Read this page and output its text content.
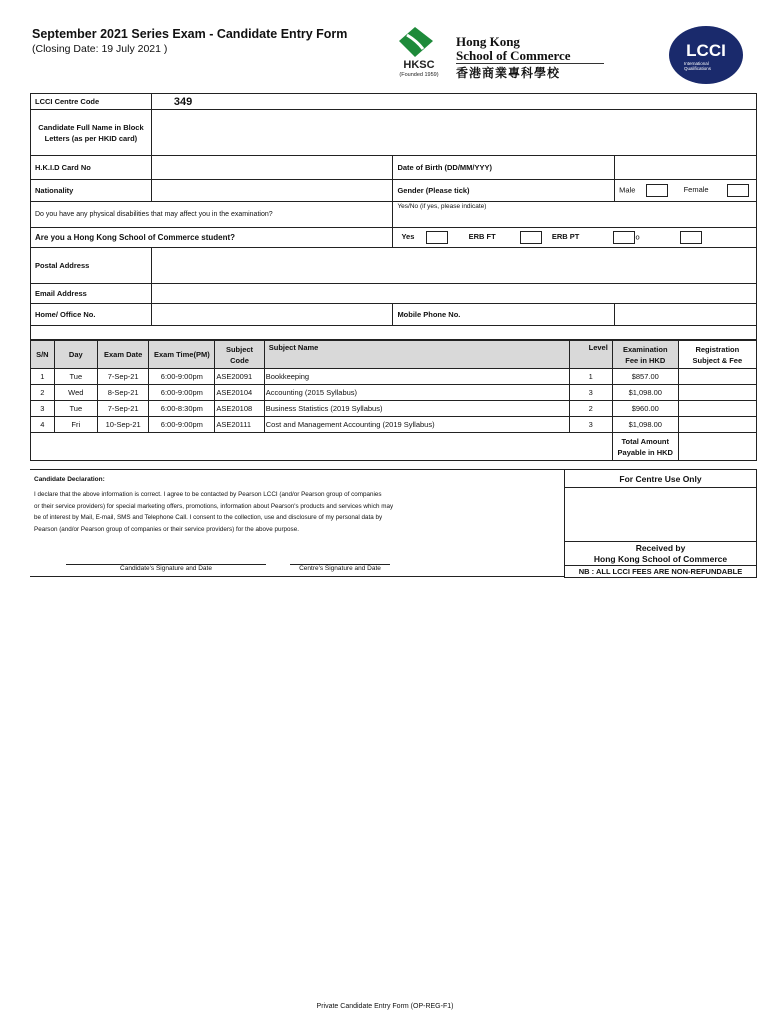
September 2021 Series Exam - Candidate Entry Form
(Closing Date: 19 July 2021 )
HKSC
(Founded 1959)
Hong Kong
School of Commerce
香港商業專科學校
LCCI
International
Qualifications
LCCI Centre Code	349		
Candidate Full Name in Block Letters (as per HKID card)			
H.K.I.D Card No		Date of Birth (DD/MM/YYY)	
Nationality		Gender (Please tick)	Male Female
Do you have any physical disabilities that may affect you in the examination?		Yes/No (if yes, please indicate)	
Are you a Hong Kong School of Commerce student?		Yes ERB FT ERB PT o	
Postal Address			
Email Address			
Home/ Office No.		Mobile Phone No.	

S/N	Day	Exam Date	Exam Time(PM)	Subject Code	Subject Name	Level	Examination Fee in HKD	Registration Subject & Fee
1	Tue	7-Sep-21	6:00-9:00pm	ASE20091	Bookkeeping	1	$857.00	
2	Wed	8-Sep-21	6:00-9:00pm	ASE20104	Accounting (2015 Syllabus)	3	$1,098.00	
3	Tue	7-Sep-21	6:00-8:30pm	ASE20108	Business Statistics (2019 Syllabus)	2	$960.00	
4	Fri	10-Sep-21	6:00-9:00pm	ASE20111	Cost and Management Accounting (2019 Syllabus)	3	$1,098.00	
							Total Amount Payable in HKD	
Candidate Declaration:
I declare that the above information is correct. I agree to be contacted by Pearson LCCI (and/or Pearson group of companies
or their service providers) for special marketing offers, promotions, information about Pearson's products and services which may
be of interest by Mail, E-mail, SMS and Telephone Call. I consent to the collection, use and disclosure of my personal data by
Pearson (and/or Pearson group of companies or their service providers) for the above purpose.
Candidate's Signature and Date	Centre's Signature and Date
For Centre Use Only

Received by
Hong Kong School of Commerce

NB : ALL LCCI FEES ARE NON-REFUNDABLE
Private Candidate Entry Form (OP-REG-F1)
